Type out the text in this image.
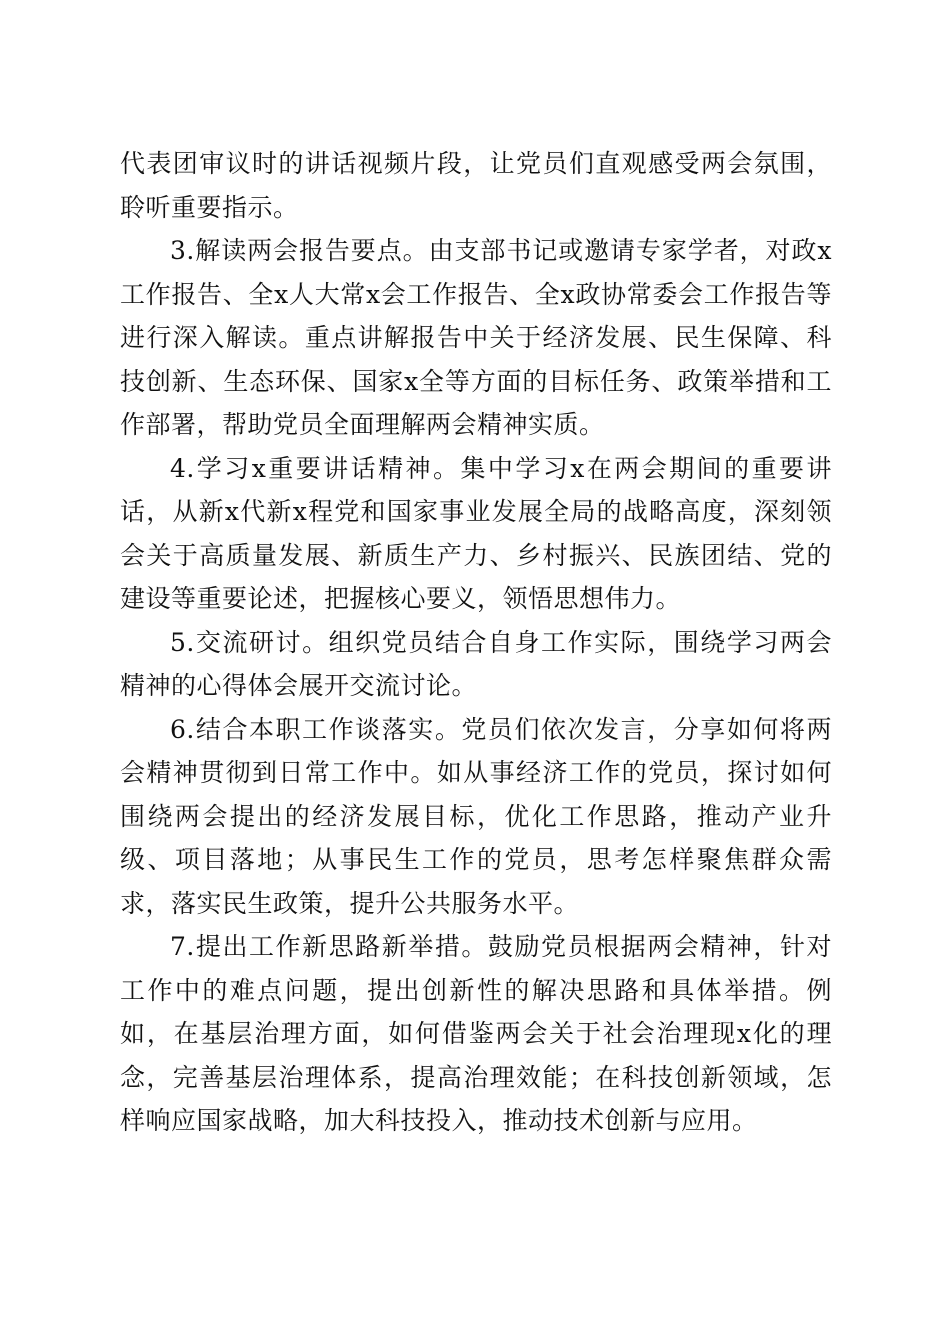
代表团审议时的讲话视频片段，让党员们直观感受两会氛围，聆听重要指示。

3.解读两会报告要点。由支部书记或邀请专家学者，对政x工作报告、全x人大常x会工作报告、全x政协常委会工作报告等进行深入解读。重点讲解报告中关于经济发展、民生保障、科技创新、生态环保、国家x全等方面的目标任务、政策举措和工作部署，帮助党员全面理解两会精神实质。

4.学习x重要讲话精神。集中学习x在两会期间的重要讲话，从新x代新x程党和国家事业发展全局的战略高度，深刻领会关于高质量发展、新质生产力、乡村振兴、民族团结、党的建设等重要论述，把握核心要义，领悟思想伟力。

5.交流研讨。组织党员结合自身工作实际，围绕学习两会精神的心得体会展开交流讨论。

6.结合本职工作谈落实。党员们依次发言，分享如何将两会精神贯彻到日常工作中。如从事经济工作的党员，探讨如何围绕两会提出的经济发展目标，优化工作思路，推动产业升级、项目落地；从事民生工作的党员，思考怎样聚焦群众需求，落实民生政策，提升公共服务水平。

7.提出工作新思路新举措。鼓励党员根据两会精神，针对工作中的难点问题，提出创新性的解决思路和具体举措。例如，在基层治理方面，如何借鉴两会关于社会治理现x化的理念，完善基层治理体系，提高治理效能；在科技创新领域，怎样响应国家战略，加大科技投入，推动技术创新与应用。
